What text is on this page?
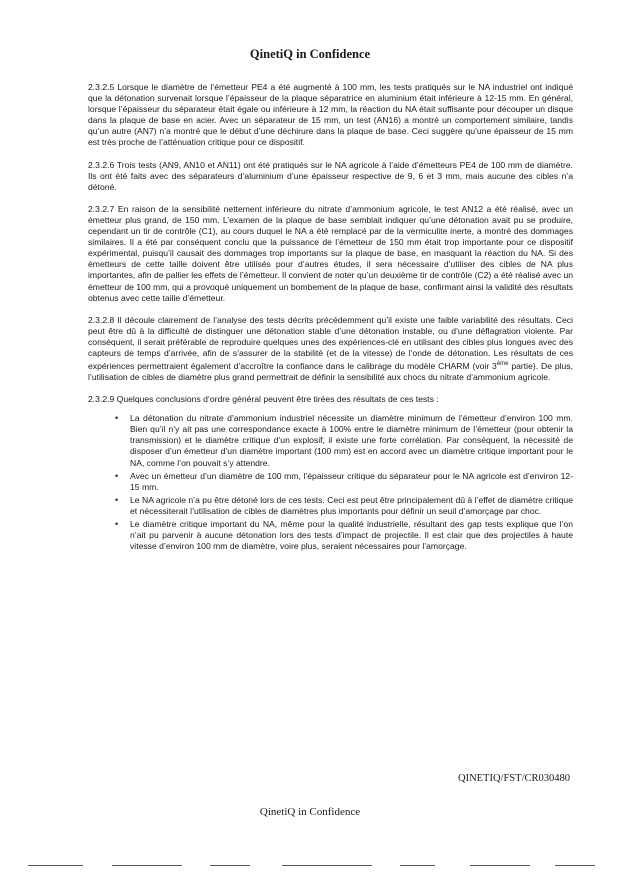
QinetiQ in Confidence

2.3.2.5 Lorsque le diamètre de l’émetteur PE4 a été augmenté à 100 mm, les tests pratiqués sur le NA industriel ont indiqué que la détonation survenait lorsque l’épaisseur de la plaque séparatrice en aluminium était inférieure à 12-15 mm. En général, lorsque l’épaisseur du séparateur était égale ou inférieure à 12 mm, la réaction du NA était suffisante pour découper un disque dans la plaque de base en acier. Avec un séparateur de 15 mm, un test (AN16) a montré un comportement similaire, tandis qu’un autre (AN7) n’a montré que le début d’une déchirure dans la plaque de base. Ceci suggère qu’une épaisseur de 15 mm est très proche de l’atténuation critique pour ce dispositif.

2.3.2.6 Trois tests (AN9, AN10 et AN11) ont été pratiqués sur le NA agricole à l’aide d’émetteurs PE4 de 100 mm de diamètre. Ils ont été faits avec des séparateurs d’aluminium d’une épaisseur respective de 9, 6 et 3 mm, mais aucune des cibles n’a détoné.

2.3.2.7 En raison de la sensibilité nettement inférieure du nitrate d’ammonium agricole, le test AN12 a été réalisé, avec un émetteur plus grand, de 150 mm. L’examen de la plaque de base semblait indiquer qu’une détonation avait pu se produire, cependant un tir de contrôle (C1), au cours duquel le NA a été remplacé par de la vermiculite inerte, a montré des dommages similaires. Il a été par conséquent conclu que la puissance de l’émetteur de 150 mm était trop importante pour ce dispositif expérimental, puisqu’il causait des dommages trop importants sur la plaque de base, en masquant la réaction du NA. Si des émetteurs de cette taille doivent être utilisés pour d’autres études, il sera nécessaire d’utiliser des cibles de NA plus importantes, afin de pallier les effets de l’émetteur. Il convient de noter qu’un deuxième tir de contrôle (C2) a été réalisé avec un émetteur de 100 mm, qui a provoqué uniquement un bombement de la plaque de base, confirmant ainsi la validité des résultats obtenus avec cette taille d’émetteur.

2.3.2.8 Il découle clairement de l’analyse des tests décrits précédemment qu’il existe une faible variabilité des résultats. Ceci peut être dû à la difficulté de distinguer une détonation stable d’une détonation instable, ou d’une déflagration violente. Par conséquent, il serait préférable de reproduire quelques unes des expériences-clé en utilisant des cibles plus longues avec des capteurs de temps d’arrivée, afin de s’assurer de la stabilité (et de la vitesse) de l’onde de détonation. Les résultats de ces expériences permettraient également d’accroître la confiance dans le calibrage du modèle CHARM (voir 3ème partie). De plus, l’utilisation de cibles de diamètre plus grand permettrait de définir la sensibilité aux chocs du nitrate d’ammonium agricole.

2.3.2.9 Quelques conclusions d’ordre général peuvent être tirées des résultats de ces tests :

• La détonation du nitrate d’ammonium industriel nécessite un diamètre minimum de l’émetteur d’environ 100 mm. Bien qu’il n’y ait pas une correspondance exacte à 100% entre le diamètre minimum de l’émetteur (pour obtenir la transmission) et le diamètre critique d’un explosif, il existe une forte corrélation. Par conséquent, la nécessité de disposer d’un émetteur d’un diamètre important (100 mm) est en accord avec un diamètre critique important pour le NA, comme l’on pouvait s’y attendre.
• Avec un émetteur d’un diamètre de 100 mm, l’épaisseur critique du séparateur pour le NA agricole est d’environ 12-15 mm.
• Le NA agricole n’a pu être détoné lors de ces tests. Ceci est peut être principalement dû à l’effet de diamètre critique et nécessiterait l’utilisation de cibles de diamètres plus importants pour définir un seuil d’amorçage par choc.
• Le diamètre critique important du NA, même pour la qualité industrielle, résultant des gap tests explique que l’on n’ait pu parvenir à aucune détonation lors des tests d’impact de projectile. Il est clair que des projectiles à haute vitesse d’environ 100 mm de diamètre, voire plus, seraient nécessaires pour l’amorçage.
QINETIQ/FST/CR030480
QinetiQ in Confidence
